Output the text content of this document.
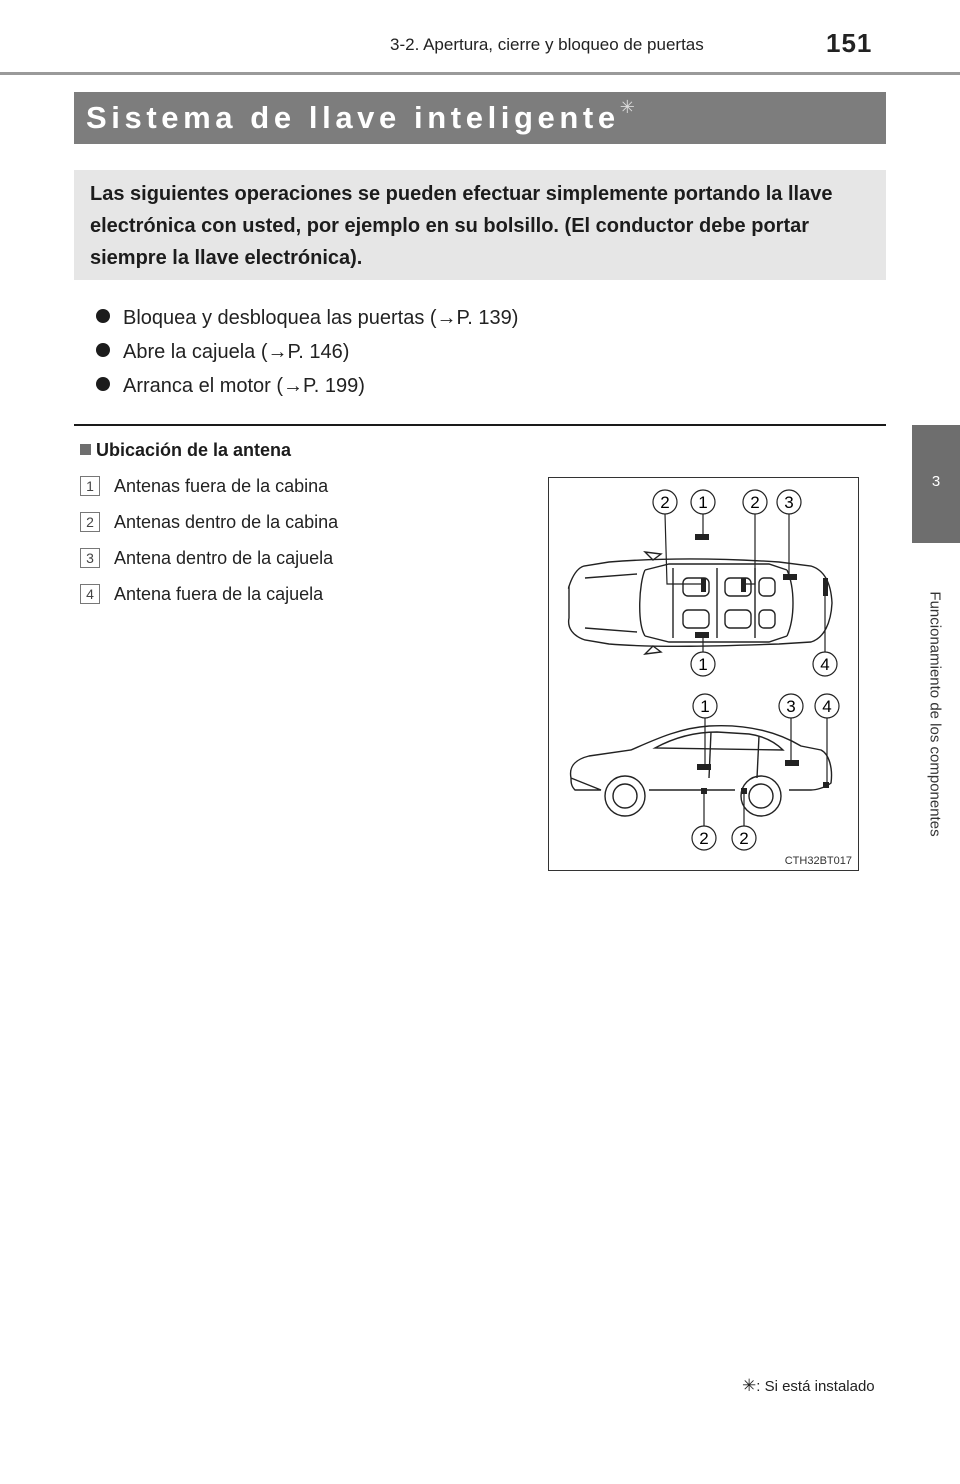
3-2. Apertura, cierre y bloqueo de puertas	151
Sistema de llave inteligente✳
Las siguientes operaciones se pueden efectuar simplemente portando la llave electrónica con usted, por ejemplo en su bolsillo. (El conductor debe portar siempre la llave electrónica).
Bloquea y desbloquea las puertas (→P. 139)
Abre la cajuela (→P. 146)
Arranca el motor (→P. 199)
Ubicación de la antena
1 Antenas fuera de la cabina
2 Antenas dentro de la cabina
3 Antena dentro de la cajuela
4 Antena fuera de la cajuela
2 1	2 3
1	4
1	3 4
2 2
CTH32BT017
3
Funcionamiento de los componentes
✳: Si está instalado
